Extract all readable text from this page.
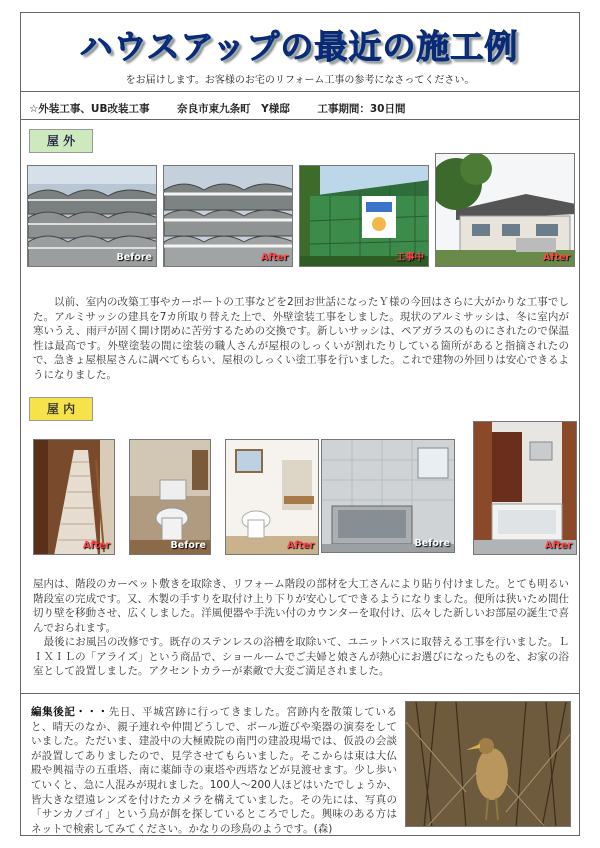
ハウスアップの最近の施工例
をお届けします。お客様のお宅のリフォーム工事の参考になさってください。
☆外装工事、UB改装工事	奈良市東九条町　Y様邸	工事期間：30日間
屋 外
Before	After	工事中	After
以前、室内の改築工事やカーポートの工事などを2回お世話になったＹ様の今回はさらに大がかりな工事でした。アルミサッシの建具を7カ所取り替えた上で、外壁塗装工事をしました。現状のアルミサッシは、冬に室内が寒いうえ、雨戸が固く開け閉めに苦労するための交換です。新しいサッシは、ペアガラスのものにされたので保温性は最高です。外壁塗装の間に塗装の職人さんが屋根のしっくいが割れたりしている箇所があると指摘されたので、急きょ屋根屋さんに調べてもらい、屋根のしっくい塗工事を行いました。これで建物の外回りは安心できるようになりました。
屋 内
After	Before	After	Before	After
屋内は、階段のカーペット敷きを取除き、リフォーム階段の部材を大工さんにより貼り付けました。とても明るい階段室の完成です。又、木製の手すりを取付け上り下りが安心してできるようになりました。便所は狭いため間仕切り壁を移動させ、広くしました。洋風便器や手洗い付のカウンターを取付け、広々した新しいお部屋の誕生で喜んでおられます。
　最後にお風呂の改修です。既存のステンレスの浴槽を取除いて、ユニットバスに取替える工事を行いました。ＬＩＸＩＬの「アライズ」という商品で、ショールームでご夫婦と娘さんが熱心にお選びになったものを、お家の浴室として設置しました。アクセントカラーが素敵で大変ご満足されました。
編集後記・・・先日、平城宮跡に行ってきました。宮跡内を散策していると、晴天のなか、親子連れや仲間どうしで、ボール遊びや楽器の演奏をしていました。ただいま、建設中の大極殿院の南門の建設現場では、仮設の会談が設置してありましたので、見学させてもらいました。そこからは東は大仏殿や興福寺の五重塔、南に薬師寺の東塔や西塔などが見渡せます。少し歩いていくと、急に人混みが現れました。100人〜200人ほどはいたでしょうか、皆大きな望遠レンズを付けたカメラを構えていました。その先には、写真の「サンカノゴイ」という鳥が餌を探しているところでした。興味のある方はネットで検索してみてください。かなりの珍鳥のようです。(森)
